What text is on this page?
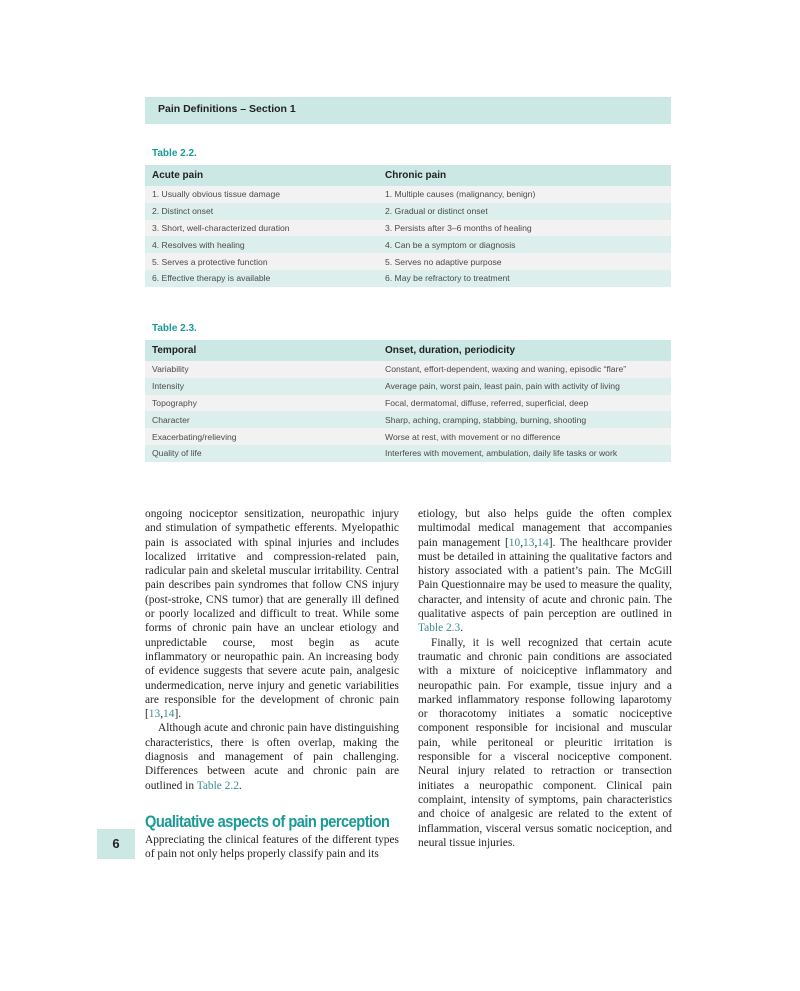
Pain Definitions – Section 1
Table 2.2.
Acute pain	Chronic pain
1. Usually obvious tissue damage	1. Multiple causes (malignancy, benign)
2. Distinct onset	2. Gradual or distinct onset
3. Short, well-characterized duration	3. Persists after 3–6 months of healing
4. Resolves with healing	4. Can be a symptom or diagnosis
5. Serves a protective function	5. Serves no adaptive purpose
6. Effective therapy is available	6. May be refractory to treatment
Table 2.3.
Temporal	Onset, duration, periodicity
Variability	Constant, effort-dependent, waxing and waning, episodic “flare”
Intensity	Average pain, worst pain, least pain, pain with activity of living
Topography	Focal, dermatomal, diffuse, referred, superficial, deep
Character	Sharp, aching, cramping, stabbing, burning, shooting
Exacerbating/relieving	Worse at rest, with movement or no difference
Quality of life	Interferes with movement, ambulation, daily life tasks or work

ongoing nociceptor sensitization, neuropathic injury and stimulation of sympathetic efferents. Myelopathic pain is associated with spinal injuries and includes localized irritative and compression-related pain, radicular pain and skeletal muscular irritability. Central pain describes pain syndromes that follow CNS injury (post-stroke, CNS tumor) that are generally ill defined or poorly localized and difficult to treat. While some forms of chronic pain have an unclear etiology and unpredictable course, most begin as acute inflammatory or neuropathic pain. An increasing body of evidence suggests that severe acute pain, analgesic undermedication, nerve injury and genetic variabilities are responsible for the development of chronic pain [13,14].

Although acute and chronic pain have distinguishing characteristics, there is often overlap, making the diagnosis and management of pain challenging. Differences between acute and chronic pain are outlined in Table 2.2.

Qualitative aspects of pain perception

Appreciating the clinical features of the different types of pain not only helps properly classify pain and its

etiology, but also helps guide the often complex multimodal medical management that accompanies pain management [10,13,14]. The healthcare provider must be detailed in attaining the qualitative factors and history associated with a patient’s pain. The McGill Pain Questionnaire may be used to measure the quality, character, and intensity of acute and chronic pain. The qualitative aspects of pain perception are outlined in Table 2.3.

Finally, it is well recognized that certain acute traumatic and chronic pain conditions are associated with a mixture of noiciceptive inflammatory and neuropathic pain. For example, tissue injury and a marked inflammatory response following laparotomy or thoracotomy initiates a somatic nociceptive component responsible for incisional and muscular pain, while peritoneal or pleuritic irritation is responsible for a visceral nociceptive component. Neural injury related to retraction or transection initiates a neuropathic component. Clinical pain complaint, intensity of symptoms, pain characteristics and choice of analgesic are related to the extent of inflammation, visceral versus somatic nociception, and neural tissue injuries.

6
